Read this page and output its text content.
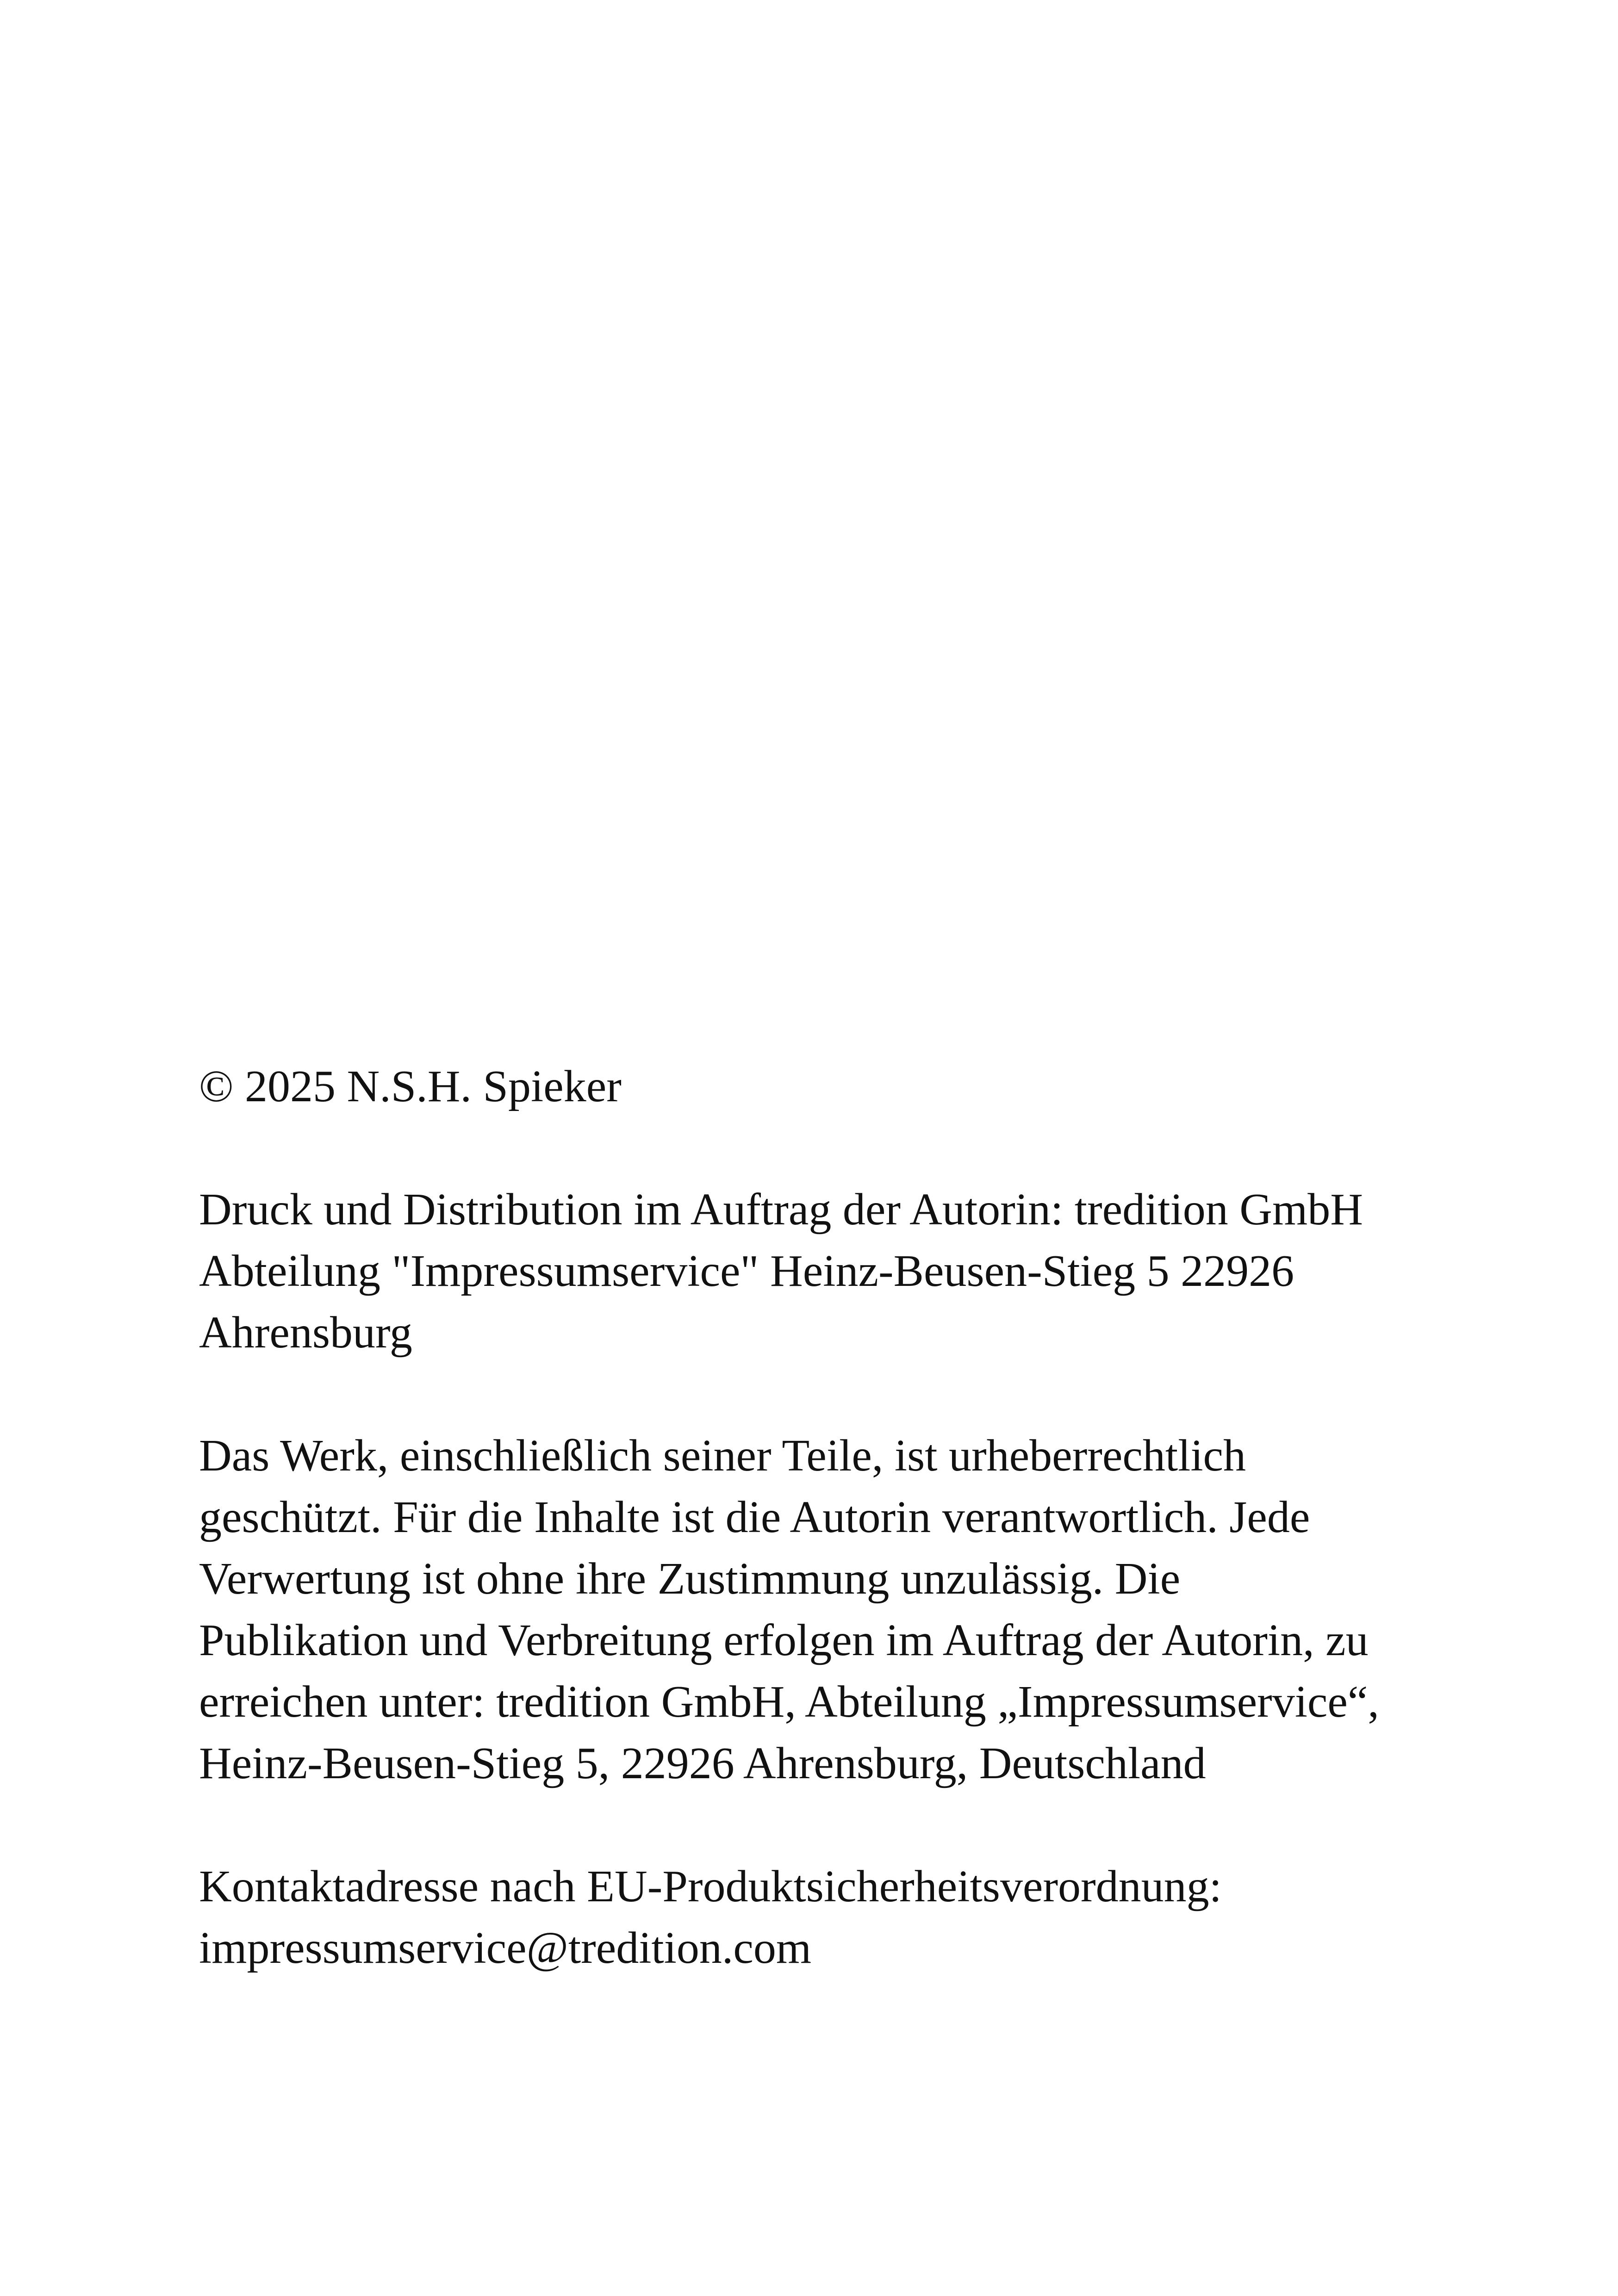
© 2025 N.S.H. Spieker
Druck und Distribution im Auftrag der Autorin: tredition GmbH
Abteilung "Impressumservice" Heinz-Beusen-Stieg 5 22926
Ahrensburg
Das Werk, einschließlich seiner Teile, ist urheberrechtlich
geschützt. Für die Inhalte ist die Autorin verantwortlich. Jede
Verwertung ist ohne ihre Zustimmung unzulässig. Die
Publikation und Verbreitung erfolgen im Auftrag der Autorin, zu
erreichen unter: tredition GmbH, Abteilung „Impressumservice“,
Heinz-Beusen-Stieg 5, 22926 Ahrensburg, Deutschland
Kontaktadresse nach EU-Produktsicherheitsverordnung:
impressumservice@tredition.com
